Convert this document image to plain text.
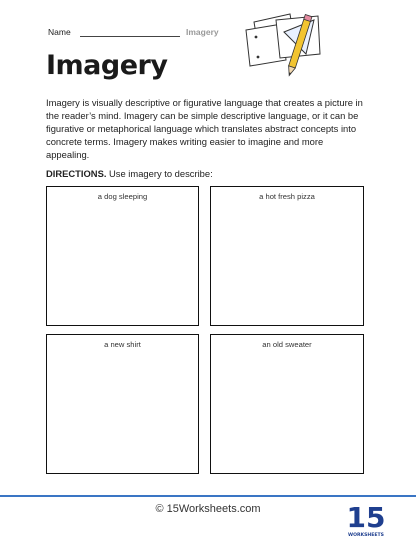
Name	Imagery
Imagery

Imagery is visually descriptive or figurative language that creates a picture in the reader’s mind. Imagery can be simple descriptive language, or it can be figurative or metaphorical language which translates abstract concepts into concrete terms. Imagery makes writing easier to imagine and more appealing.

DIRECTIONS. Use imagery to describe:
a dog sleeping	a hot fresh pizza
a new shirt	an old sweater
© 15Worksheets.com	15
WORKSHEETS
